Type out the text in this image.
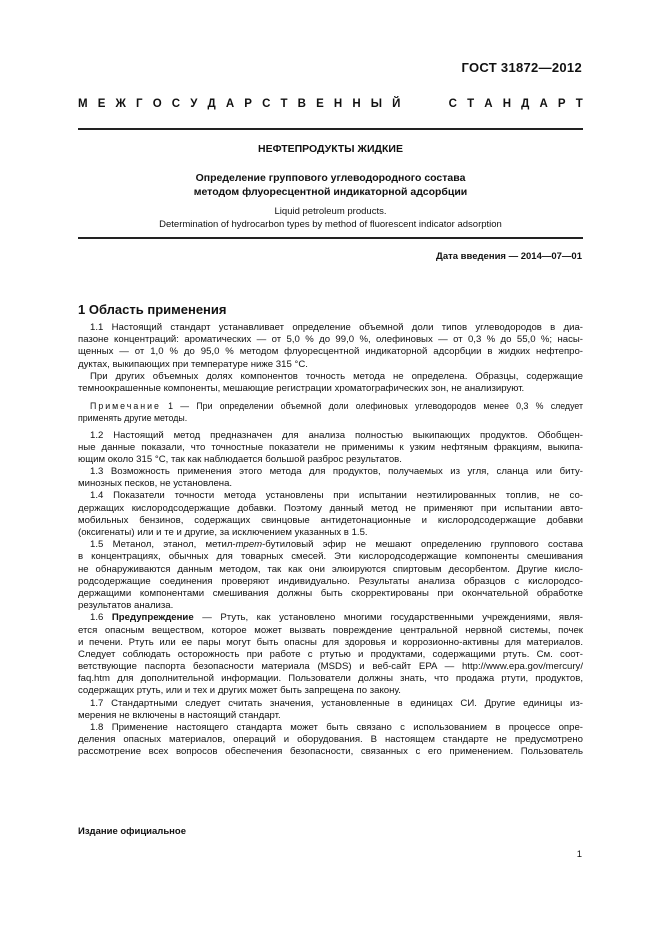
ГОСТ 31872—2012
М Е Ж Г О С У Д А Р С Т В Е Н Н Ы Й	С Т А Н Д А Р Т
НЕФТЕПРОДУКТЫ ЖИДКИЕ
Определение группового углеводородного состава
методом флуоресцентной индикаторной адсорбции
Liquid petroleum products.
Determination of hydrocarbon types by method of fluorescent indicator adsorption
Дата введения — 2014—07—01
1 Область применения
1.1 Настоящий стандарт устанавливает определение объемной доли типов углеводородов в диа-
пазоне концентраций: ароматических — от 5,0 % до 99,0 %, олефиновых — от 0,3 % до 55,0 %; насы-
щенных — от 1,0 % до 95,0 % методом флуоресцентной индикаторной адсорбции в жидких нефтепро-
дуктах, выкипающих при температуре ниже 315 °С.
При других объемных долях компонентов точность метода не определена. Образцы, содержащие
темноокрашенные компоненты, мешающие регистрации хроматографических зон, не анализируют.
Примечание 1 — При определении объемной доли олефиновых углеводородов менее 0,3 % следует
применять другие методы.
1.2 Настоящий метод предназначен для анализа полностью выкипающих продуктов. Обобщен-
ные данные показали, что точностные показатели не применимы к узким нефтяным фракциям, выкипа-
ющим около 315 °С, так как наблюдается большой разброс результатов.
1.3 Возможность применения этого метода для продуктов, получаемых из угля, сланца или биту-
минозных песков, не установлена.
1.4 Показатели точности метода установлены при испытании неэтилированных топлив, не со-
держащих кислородсодержащие добавки. Поэтому данный метод не применяют при испытании авто-
мобильных бензинов, содержащих свинцовые антидетонационные и кислородсодержащие добавки
(оксигенаты) или и те и другие, за исключением указанных в 1.5.
1.5 Метанол, этанол, метил-трет-бутиловый эфир не мешают определению группового состава
в концентрациях, обычных для товарных смесей. Эти кислородсодержащие компоненты смешивания
не обнаруживаются данным методом, так как они элюируются спиртовым десорбентом. Другие кисло-
родсодержащие соединения проверяют индивидуально. Результаты анализа образцов с кислородсо-
держащими компонентами смешивания должны быть скорректированы при окончательной обработке
результатов анализа.
1.6 Предупреждение — Ртуть, как установлено многими государственными учреждениями, явля-
ется опасным веществом, которое может вызвать повреждение центральной нервной системы, почек
и печени. Ртуть или ее пары могут быть опасны для здоровья и коррозионно-активны для материалов.
Следует соблюдать осторожность при работе с ртутью и продуктами, содержащими ртуть. См. соот-
ветствующие паспорта безопасности материала (MSDS) и веб-сайт EPA — http://www.epa.gov/mercury/
faq.htm для дополнительной информации. Пользователи должны знать, что продажа ртути, продуктов,
содержащих ртуть, или и тех и других может быть запрещена по закону.
1.7 Стандартными следует считать значения, установленные в единицах СИ. Другие единицы из-
мерения не включены в настоящий стандарт.
1.8 Применение настоящего стандарта может быть связано с использованием в процессе опре-
деления опасных материалов, операций и оборудования. В настоящем стандарте не предусмотрено
рассмотрение всех вопросов обеспечения безопасности, связанных с его применением. Пользователь
Издание официальное
1
